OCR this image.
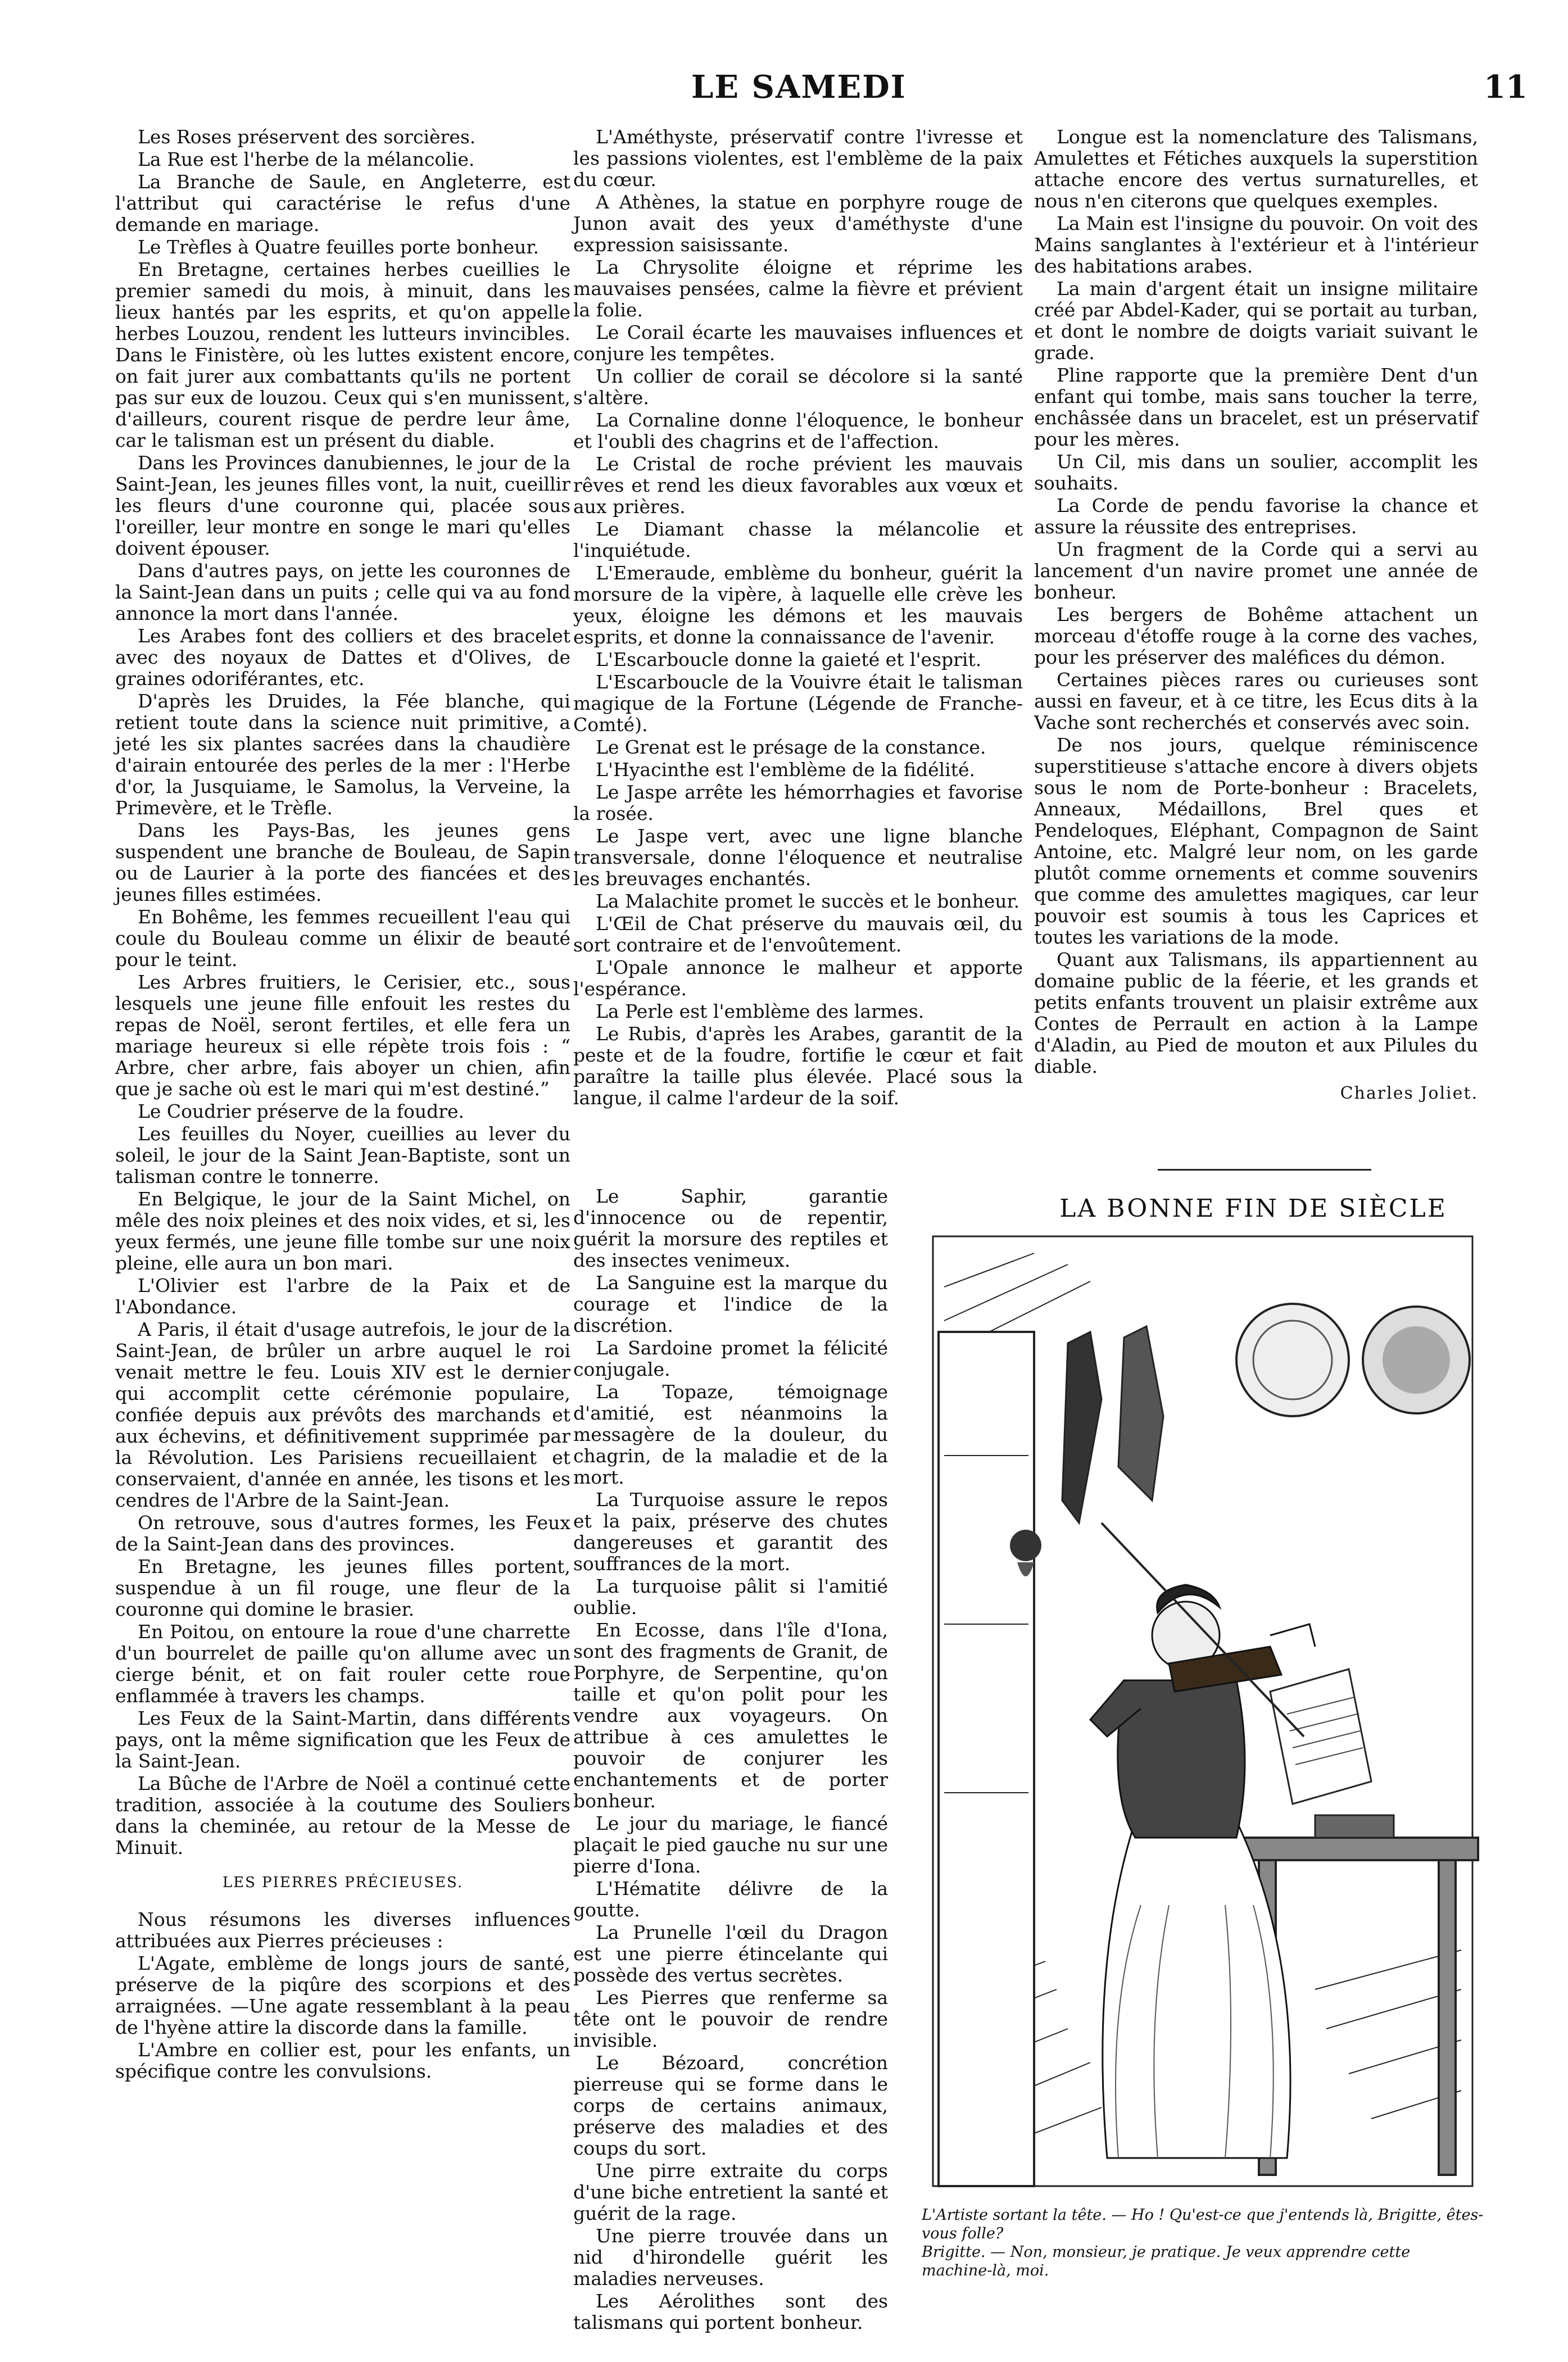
LE SAMEDI	11

Les Roses préservent des sorcières.

La Rue est l'herbe de la mélancolie.

La Branche de Saule, en Angleterre, est l'attribut qui caractérise le refus d'une demande en mariage.

Le Trèfles à Quatre feuilles porte bonheur.

En Bretagne, certaines herbes cueillies le premier samedi du mois, à minuit, dans les lieux hantés par les esprits, et qu'on appelle herbes Louzou, rendent les lutteurs invincibles. Dans le Finistère, où les luttes existent encore, on fait jurer aux combattants qu'ils ne portent pas sur eux de louzou. Ceux qui s'en munissent, d'ailleurs, courent risque de perdre leur âme, car le talisman est un présent du diable.

Dans les Provinces danubiennes, le jour de la Saint-Jean, les jeunes filles vont, la nuit, cueillir les fleurs d'une couronne qui, placée sous l'oreiller, leur montre en songe le mari qu'elles doivent épouser.

Dans d'autres pays, on jette les couronnes de la Saint-Jean dans un puits ; celle qui va au fond annonce la mort dans l'année.

Les Arabes font des colliers et des bracelet avec des noyaux de Dattes et d'Olives, de graines odoriférantes, etc.

D'après les Druides, la Fée blanche, qui retient toute dans la science nuit primitive, a jeté les six plantes sacrées dans la chaudière d'airain entourée des perles de la mer : l'Herbe d'or, la Jusquiame, le Samolus, la Verveine, la Primevère, et le Trèfle.

Dans les Pays-Bas, les jeunes gens suspendent une branche de Bouleau, de Sapin ou de Laurier à la porte des fiancées et des jeunes filles estimées.

En Bohême, les femmes recueillent l'eau qui coule du Bouleau comme un élixir de beauté pour le teint.

Les Arbres fruitiers, le Cerisier, etc., sous lesquels une jeune fille enfouit les restes du repas de Noël, seront fertiles, et elle fera un mariage heureux si elle répète trois fois : “ Arbre, cher arbre, fais aboyer un chien, afin que je sache où est le mari qui m'est destiné.”

Le Coudrier préserve de la foudre.

Les feuilles du Noyer, cueillies au lever du soleil, le jour de la Saint Jean-Baptiste, sont un talisman contre le tonnerre.

En Belgique, le jour de la Saint Michel, on mêle des noix pleines et des noix vides, et si, les yeux fermés, une jeune fille tombe sur une noix pleine, elle aura un bon mari.

L'Olivier est l'arbre de la Paix et de l'Abondance.

A Paris, il était d'usage autrefois, le jour de la Saint-Jean, de brûler un arbre auquel le roi venait mettre le feu. Louis XIV est le dernier qui accomplit cette cérémonie populaire, confiée depuis aux prévôts des marchands et aux échevins, et définitivement supprimée par la Révolution. Les Parisiens recueillaient et conservaient, d'année en année, les tisons et les cendres de l'Arbre de la Saint-Jean.

On retrouve, sous d'autres formes, les Feux de la Saint-Jean dans des provinces.

En Bretagne, les jeunes filles portent, suspendue à un fil rouge, une fleur de la couronne qui domine le brasier.

En Poitou, on entoure la roue d'une charrette d'un bourrelet de paille qu'on allume avec un cierge bénit, et on fait rouler cette roue enflammée à travers les champs.

Les Feux de la Saint-Martin, dans différents pays, ont la même signification que les Feux de la Saint-Jean.

La Bûche de l'Arbre de Noël a continué cette tradition, associée à la coutume des Souliers dans la cheminée, au retour de la Messe de Minuit.

LES PIERRES PRÉCIEUSES.

Nous résumons les diverses influences attribuées aux Pierres précieuses :

L'Agate, emblème de longs jours de santé, préserve de la piqûre des scorpions et des arraignées. —Une agate ressemblant à la peau de l'hyène attire la discorde dans la famille.

L'Ambre en collier est, pour les enfants, un spécifique contre les convulsions.

L'Améthyste, préservatif contre l'ivresse et les passions violentes, est l'emblème de la paix du cœur.

A Athènes, la statue en porphyre rouge de Junon avait des yeux d'améthyste d'une expression saisissante.

La Chrysolite éloigne et réprime les mauvaises pensées, calme la fièvre et prévient la folie.

Le Corail écarte les mauvaises influences et conjure les tempêtes.

Un collier de corail se décolore si la santé s'altère.

La Cornaline donne l'éloquence, le bonheur et l'oubli des chagrins et de l'affection.

Le Cristal de roche prévient les mauvais rêves et rend les dieux favorables aux vœux et aux prières.

Le Diamant chasse la mélancolie et l'inquiétude.

L'Emeraude, emblème du bonheur, guérit la morsure de la vipère, à laquelle elle crève les yeux, éloigne les démons et les mauvais esprits, et donne la connaissance de l'avenir.

L'Escarboucle donne la gaieté et l'esprit.

L'Escarboucle de la Vouivre était le talisman magique de la Fortune (Légende de Franche-Comté).

Le Grenat est le présage de la constance.

L'Hyacinthe est l'emblème de la fidélité.

Le Jaspe arrête les hémorrhagies et favorise la rosée.

Le Jaspe vert, avec une ligne blanche transversale, donne l'éloquence et neutralise les breuvages enchantés.

La Malachite promet le succès et le bonheur.

L'Œil de Chat préserve du mauvais œil, du sort contraire et de l'envoûtement.

L'Opale annonce le malheur et apporte l'espérance.

La Perle est l'emblème des larmes.

Le Rubis, d'après les Arabes, garantit de la peste et de la foudre, fortifie le cœur et fait paraître la taille plus élevée. Placé sous la langue, il calme l'ardeur de la soif.

Le Saphir, garantie d'innocence ou de repentir, guérit la morsure des reptiles et des insectes venimeux.

La Sanguine est la marque du courage et l'indice de la discrétion.

La Sardoine promet la félicité conjugale.

La Topaze, témoignage d'amitié, est néanmoins la messagère de la douleur, du chagrin, de la maladie et de la mort.

La Turquoise assure le repos et la paix, préserve des chutes dangereuses et garantit des souffrances de la mort.

La turquoise pâlit si l'amitié oublie.

En Ecosse, dans l'île d'Iona, sont des fragments de Granit, de Porphyre, de Serpentine, qu'on taille et qu'on polit pour les vendre aux voyageurs. On attribue à ces amulettes le pouvoir de conjurer les enchantements et de porter bonheur.

Le jour du mariage, le fiancé plaçait le pied gauche nu sur une pierre d'Iona.

L'Hématite délivre de la goutte.

La Prunelle l'œil du Dragon est une pierre étincelante qui possède des vertus secrètes.

Les Pierres que renferme sa tête ont le pouvoir de rendre invisible.

Le Bézoard, concrétion pierreuse qui se forme dans le corps de certains animaux, préserve des maladies et des coups du sort.

Une pirre extraite du corps d'une biche entretient la santé et guérit de la rage.

Une pierre trouvée dans un nid d'hirondelle guérit les maladies nerveuses.

Les Aérolithes sont des talismans qui portent bonheur.

Longue est la nomenclature des Talismans, Amulettes et Fétiches auxquels la superstition attache encore des vertus surnaturelles, et nous n'en citerons que quelques exemples.

La Main est l'insigne du pouvoir. On voit des Mains sanglantes à l'extérieur et à l'intérieur des habitations arabes.

La main d'argent était un insigne militaire créé par Abdel-Kader, qui se portait au turban, et dont le nombre de doigts variait suivant le grade.

Pline rapporte que la première Dent d'un enfant qui tombe, mais sans toucher la terre, enchâssée dans un bracelet, est un préservatif pour les mères.

Un Cil, mis dans un soulier, accomplit les souhaits.

La Corde de pendu favorise la chance et assure la réussite des entreprises.

Un fragment de la Corde qui a servi au lancement d'un navire promet une année de bonheur.

Les bergers de Bohême attachent un morceau d'étoffe rouge à la corne des vaches, pour les préserver des maléfices du démon.

Certaines pièces rares ou curieuses sont aussi en faveur, et à ce titre, les Ecus dits à la Vache sont recherchés et conservés avec soin.

De nos jours, quelque réminiscence superstitieuse s'attache encore à divers objets sous le nom de Porte-bonheur : Bracelets, Anneaux, Médaillons, Brel ques et Pendeloques, Eléphant, Compagnon de Saint Antoine, etc. Malgré leur nom, on les garde plutôt comme ornements et comme souvenirs que comme des amulettes magiques, car leur pouvoir est soumis à tous les Caprices et toutes les variations de la mode.

Quant aux Talismans, ils appartiennent au domaine public de la féerie, et les grands et petits enfants trouvent un plaisir extrême aux Contes de Perrault en action à la Lampe d'Aladin, au Pied de mouton et aux Pilules du diable.

Charles Joliet.

LA BONNE FIN DE SIÈCLE
L'Artiste sortant la tête. — Ho ! Qu'est-ce que j'entends là, Brigitte, êtes-vous folle?
Brigitte. — Non, monsieur, je pratique. Je veux apprendre cette machine-là, moi.
